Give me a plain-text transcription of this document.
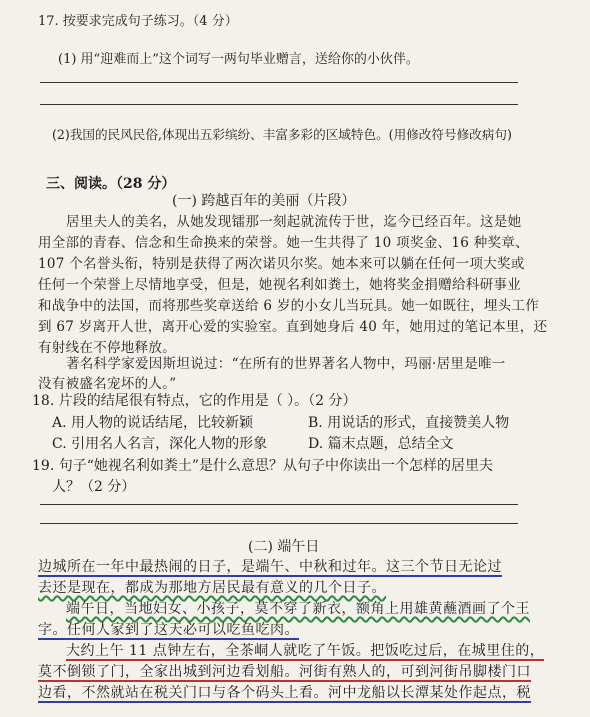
17. 按要求完成句子练习。（4 分）
(1) 用“迎难而上”这个词写一两句毕业赠言，送给你的小伙伴。
(2)我国的民风民俗,体现出五彩缤纷、丰富多彩的区域特色。(用修改符号修改病句)
三、阅读。（28 分）
(一) 跨越百年的美丽（片段）
居里夫人的美名，从她发现镭那一刻起就流传于世，迄今已经百年。这是她
用全部的青春、信念和生命换来的荣誉。她一生共得了 10 项奖金、16 种奖章、
107 个名誉头衔，特别是获得了两次诺贝尔奖。她本来可以躺在任何一项大奖或
任何一个荣誉上尽情地享受，但是，她视名利如粪土，她将奖金捐赠给科研事业
和战争中的法国，而将那些奖章送给 6 岁的小女儿当玩具。她一如既往，埋头工作
到 67 岁离开人世，离开心爱的实验室。直到她身后 40 年，她用过的笔记本里，还
有射线在不停地释放。
著名科学家爱因斯坦说过：“在所有的世界著名人物中，玛丽·居里是唯一
没有被盛名宠坏的人。”
18. 片段的结尾很有特点，它的作用是（ ）。（2 分）
A. 用人物的说话结尾，比较新颖	B. 用说话的形式，直接赞美人物
C. 引用名人名言，深化人物的形象	D. 篇末点题，总结全文
19. 句子“她视名利如粪土”是什么意思？从句子中你读出一个怎样的居里夫
人？（2 分）
(二) 端午日
边城所在一年中最热闹的日子，是端午、中秋和过年。这三个节日无论过
去还是现在，都成为那地方居民最有意义的几个日子。
端午日，当地妇女、小孩子，莫不穿了新衣，额角上用雄黄蘸酒画了个王
字。任何人家到了这天必可以吃鱼吃肉。
大约上午 11 点钟左右，全茶峒人就吃了午饭。把饭吃过后，在城里住的，
莫不倒锁了门，全家出城到河边看划船。河街有熟人的，可到河街吊脚楼门口
边看，不然就站在税关门口与各个码头上看。河中龙船以长潭某处作起点，税
